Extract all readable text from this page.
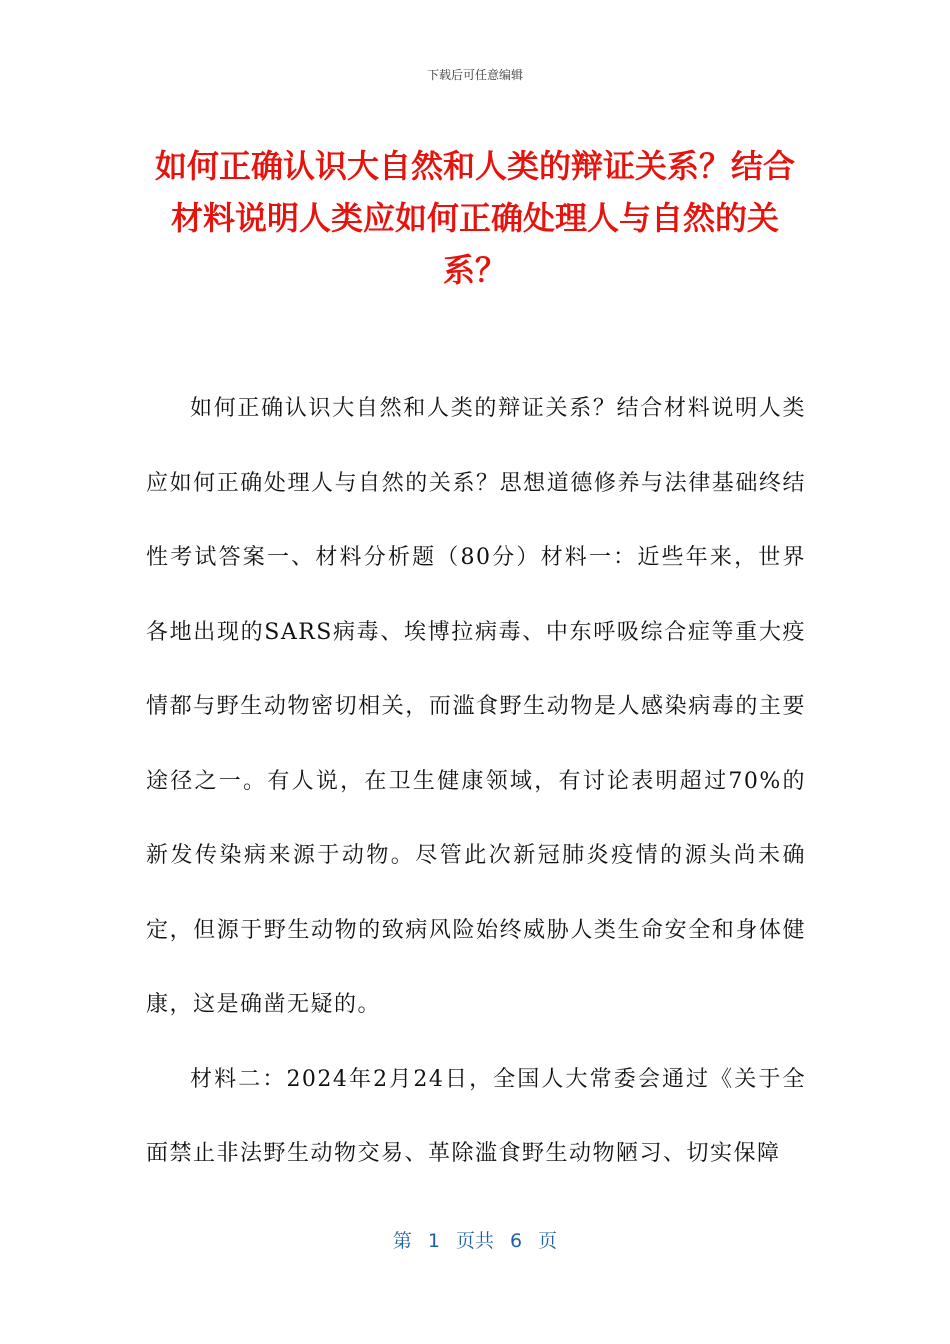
下载后可任意编辑
如何正确认识大自然和人类的辩证关系？结合材料说明人类应如何正确处理人与自然的关系？

如何正确认识大自然和人类的辩证关系？结合材料说明人类应如何正确处理人与自然的关系？思想道德修养与法律基础终结性考试答案一、材料分析题（80分）材料一：近些年来，世界各地出现的SARS病毒、埃博拉病毒、中东呼吸综合症等重大疫情都与野生动物密切相关，而滥食野生动物是人感染病毒的主要途径之一。有人说，在卫生健康领域，有讨论表明超过70%的新发传染病来源于动物。尽管此次新冠肺炎疫情的源头尚未确定，但源于野生动物的致病风险始终威胁人类生命安全和身体健康，这是确凿无疑的。

材料二：2024年2月24日，全国人大常委会通过《关于全面禁止非法野生动物交易、革除滥食野生动物陋习、切实保障

第 1 页共 6 页
